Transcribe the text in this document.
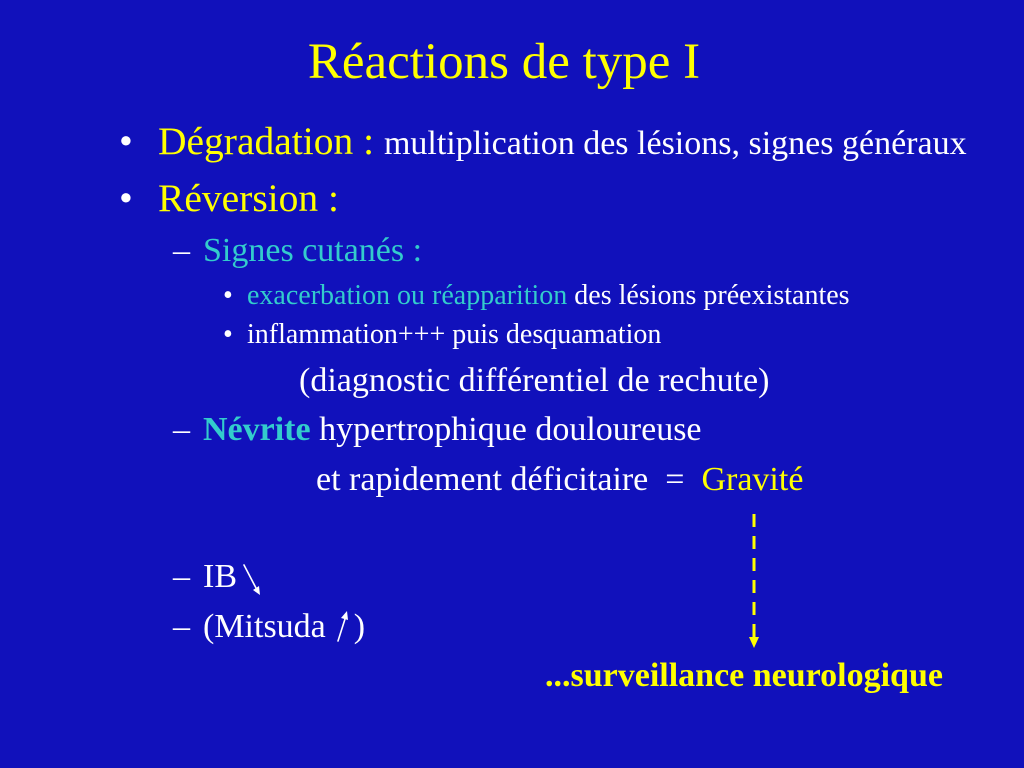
Réactions de type I
• Dégradation : multiplication des lésions, signes généraux
• Réversion :
– Signes cutanés :
• exacerbation ou réapparition des lésions préexistantes
• inflammation+++ puis desquamation
(diagnostic différentiel de rechute)
– Névrite hypertrophique douloureuse
et rapidement déficitaire = Gravité
– IB
– (Mitsuda )
...surveillance neurologique
